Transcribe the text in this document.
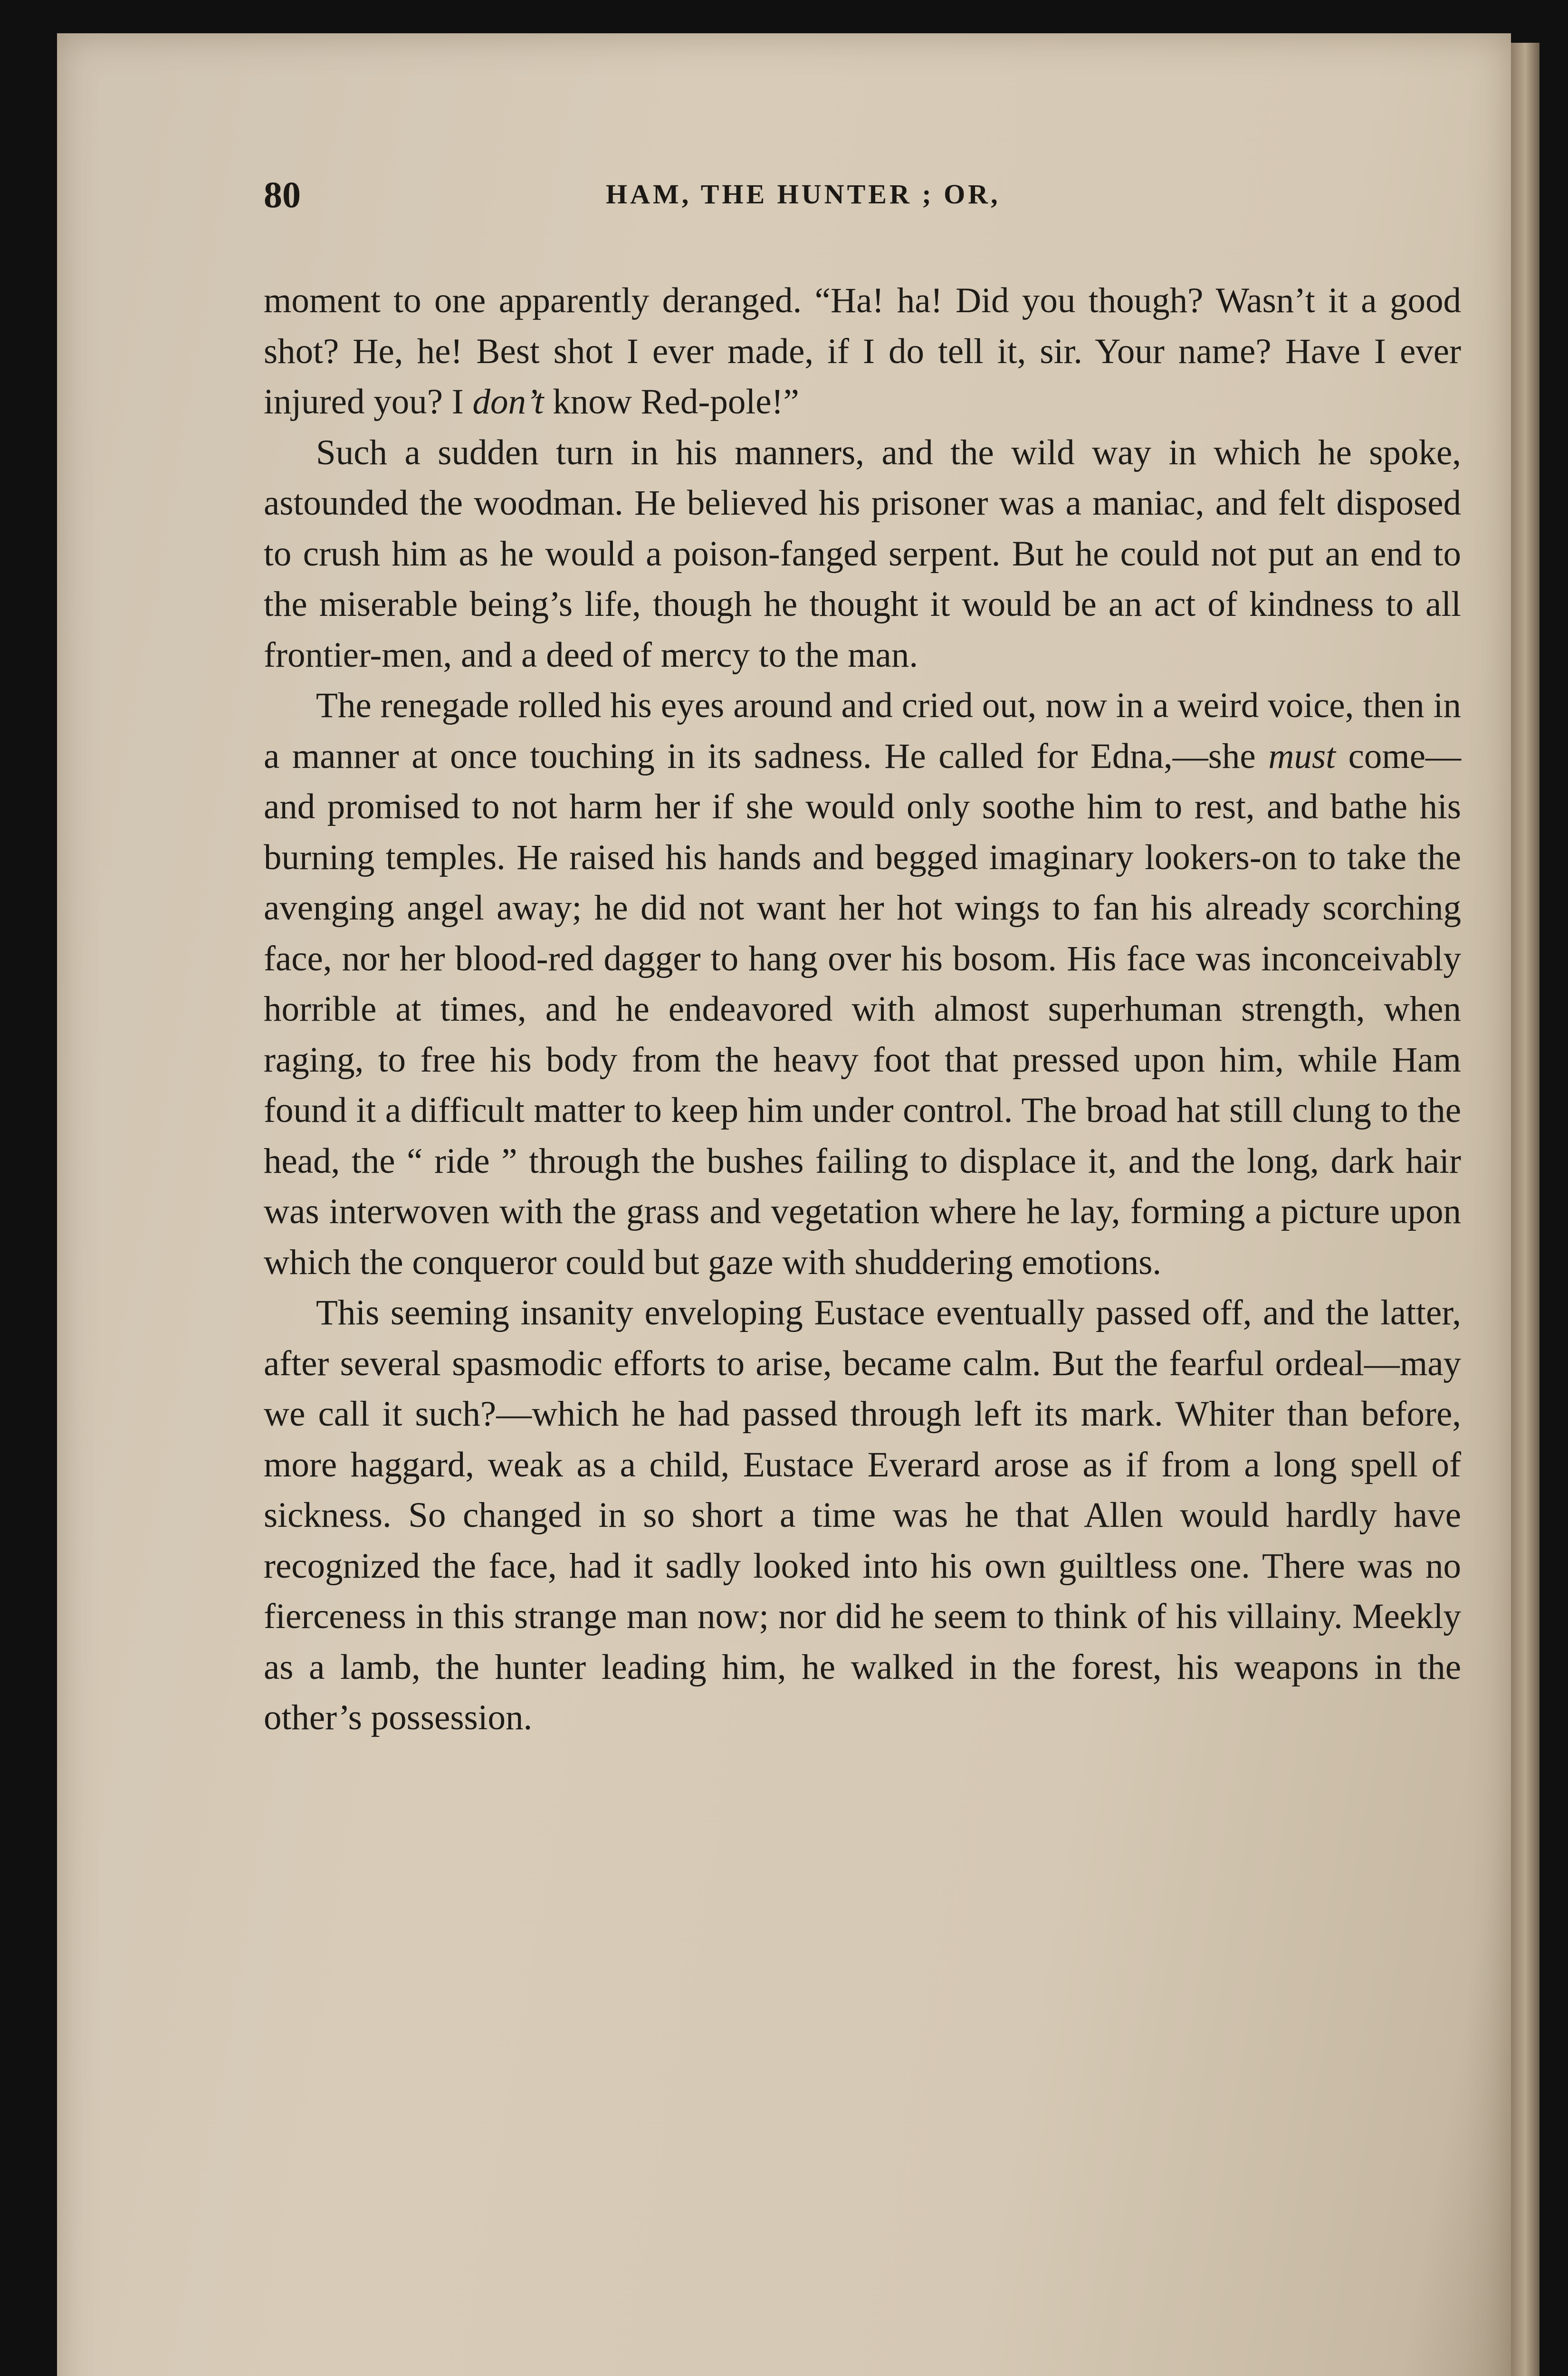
80	HAM, THE HUNTER ; OR,

moment to one apparently deranged. “Ha! ha! Did you though? Wasn’t it a good shot? He, he! Best shot I ever made, if I do tell it, sir. Your name? Have I ever injured you? I don’t know Red-pole!”

Such a sudden turn in his manners, and the wild way in which he spoke, astounded the woodman. He believed his prisoner was a maniac, and felt disposed to crush him as he would a poison-fanged serpent. But he could not put an end to the miserable being’s life, though he thought it would be an act of kindness to all frontier-men, and a deed of mercy to the man.

The renegade rolled his eyes around and cried out, now in a weird voice, then in a manner at once touching in its sadness. He called for Edna,—she must come—and promised to not harm her if she would only soothe him to rest, and bathe his burning temples. He raised his hands and begged imaginary lookers-on to take the avenging angel away; he did not want her hot wings to fan his already scorching face, nor her blood-red dagger to hang over his bosom. His face was inconceivably horrible at times, and he endeavored with almost superhuman strength, when raging, to free his body from the heavy foot that pressed upon him, while Ham found it a difficult matter to keep him under control. The broad hat still clung to the head, the “ ride ” through the bushes failing to displace it, and the long, dark hair was interwoven with the grass and vegetation where he lay, forming a picture upon which the conqueror could but gaze with shuddering emotions.

This seeming insanity enveloping Eustace eventually passed off, and the latter, after several spasmodic efforts to arise, became calm. But the fearful ordeal—may we call it such?—which he had passed through left its mark. Whiter than before, more haggard, weak as a child, Eustace Everard arose as if from a long spell of sickness. So changed in so short a time was he that Allen would hardly have recognized the face, had it sadly looked into his own guiltless one. There was no fierceness in this strange man now; nor did he seem to think of his villainy. Meekly as a lamb, the hunter leading him, he walked in the forest, his weapons in the other’s possession.
